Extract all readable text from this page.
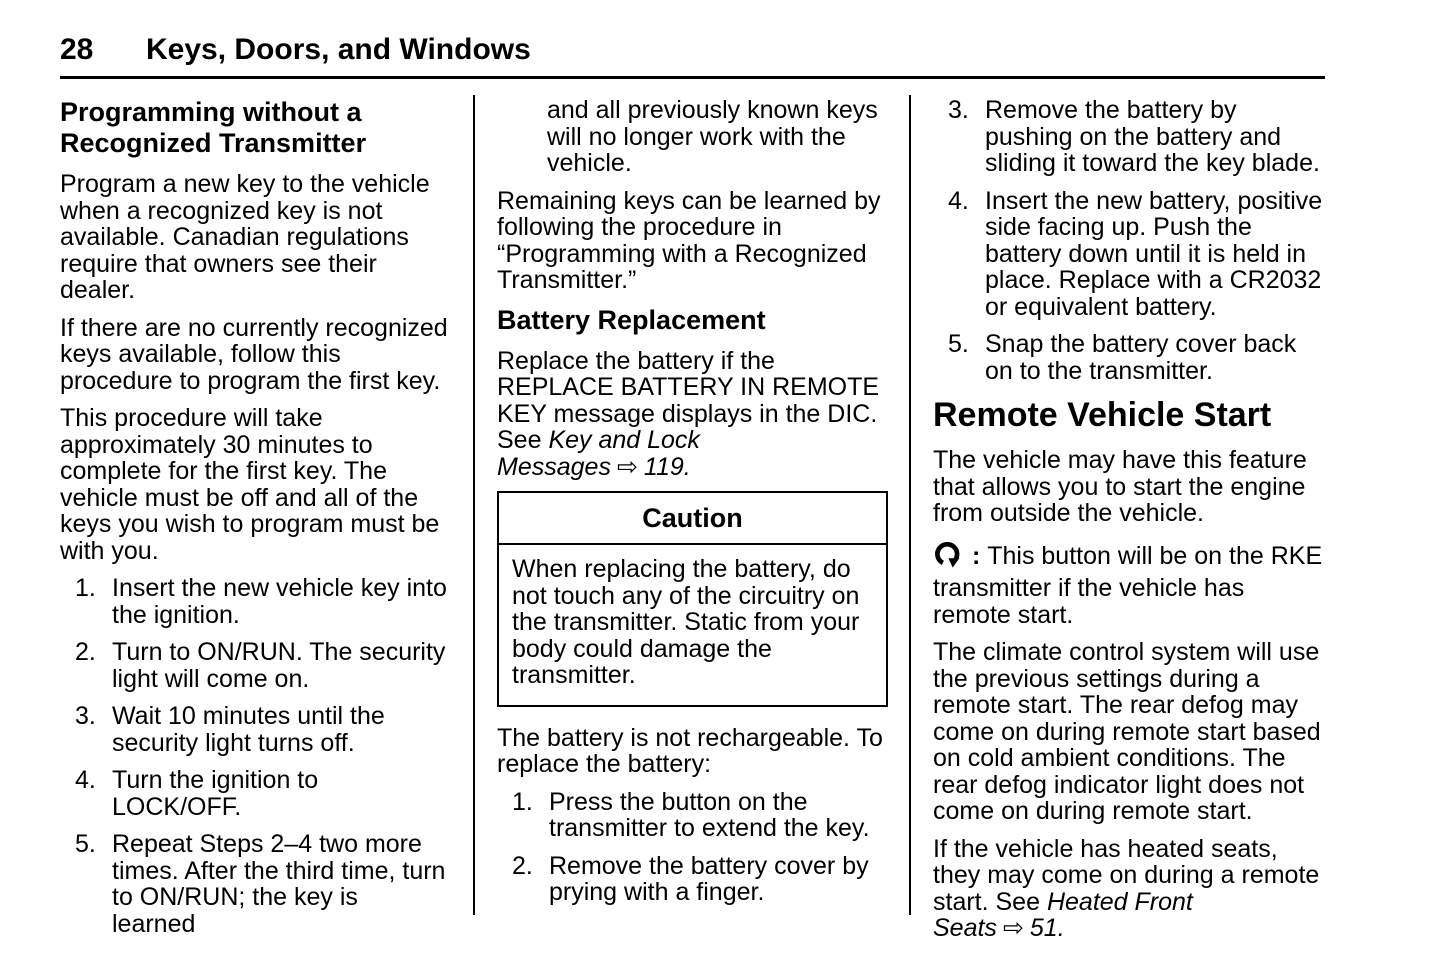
28 Keys, Doors, and Windows
Programming without a Recognized Transmitter

Program a new key to the vehicle when a recognized key is not available. Canadian regulations require that owners see their dealer.

If there are no currently recognized keys available, follow this procedure to program the first key.

This procedure will take approximately 30 minutes to complete for the first key. The vehicle must be off and all of the keys you wish to program must be with you.

1. Insert the new vehicle key into the ignition.
2. Turn to ON/RUN. The security light will come on.
3. Wait 10 minutes until the security light turns off.
4. Turn the ignition to LOCK/OFF.
5. Repeat Steps 2–4 two more times. After the third time, turn to ON/RUN; the key is learned

and all previously known keys will no longer work with the vehicle.

Remaining keys can be learned by following the procedure in “Programming with a Recognized Transmitter.”

Battery Replacement

Replace the battery if the REPLACE BATTERY IN REMOTE KEY message displays in the DIC. See Key and Lock Messages ⇨ 119.

Caution
When replacing the battery, do not touch any of the circuitry on the transmitter. Static from your body could damage the transmitter.

The battery is not rechargeable. To replace the battery:

1. Press the button on the transmitter to extend the key.
2. Remove the battery cover by prying with a finger.
3. Remove the battery by pushing on the battery and sliding it toward the key blade.
4. Insert the new battery, positive side facing up. Push the battery down until it is held in place. Replace with a CR2032 or equivalent battery.
5. Snap the battery cover back on to the transmitter.
Remote Vehicle Start

The vehicle may have this feature that allows you to start the engine from outside the vehicle.

: This button will be on the RKE transmitter if the vehicle has remote start.

The climate control system will use the previous settings during a remote start. The rear defog may come on during remote start based on cold ambient conditions. The rear defog indicator light does not come on during remote start.

If the vehicle has heated seats, they may come on during a remote start. See Heated Front Seats ⇨ 51.
